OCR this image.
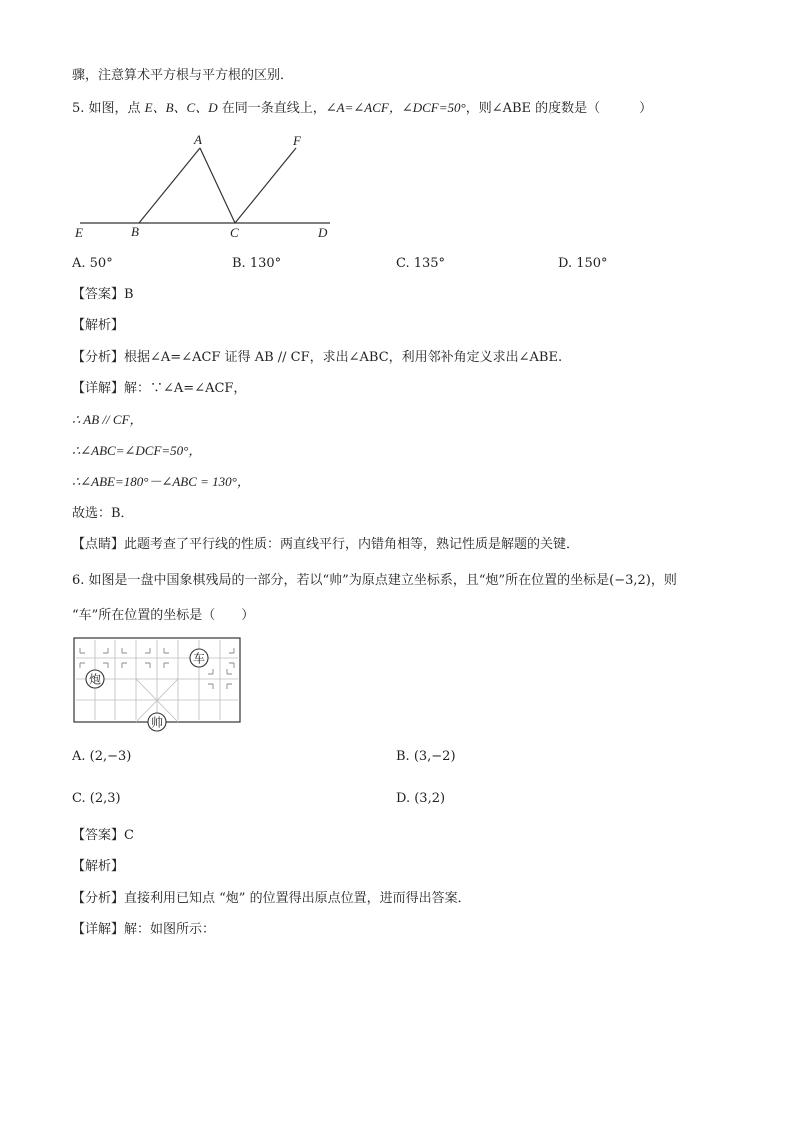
骤，注意算术平方根与平方根的区别．
5. 如图，点 E、B、C、D 在同一条直线上，∠A=∠ACF，∠DCF=50°，则∠ABE 的度数是（　　　）
A	F
E	B	C	D
A. 50°	B. 130°	C. 135°	D. 150°
【答案】B
【解析】
【分析】根据∠A=∠ACF 证得 AB // CF，求出∠ABC，利用邻补角定义求出∠ABE.
【详解】解：∵∠A=∠ACF，
∴ AB // CF，
∴∠ABC=∠DCF=50°，
∴∠ABE=180°－∠ABC = 130°，
故选：B．
【点睛】此题考查了平行线的性质：两直线平行，内错角相等，熟记性质是解题的关键．
6. 如图是一盘中国象棋残局的一部分，若以“帅”为原点建立坐标系，且“炮”所在位置的坐标是(−3,2)，则
“车”所在位置的坐标是（　　）
车
炮
帅
A. (2,−3)	B. (3,−2)
C. (2,3)	D. (3,2)
【答案】C
【解析】
【分析】直接利用已知点 “炮” 的位置得出原点位置，进而得出答案．
【详解】解：如图所示：
